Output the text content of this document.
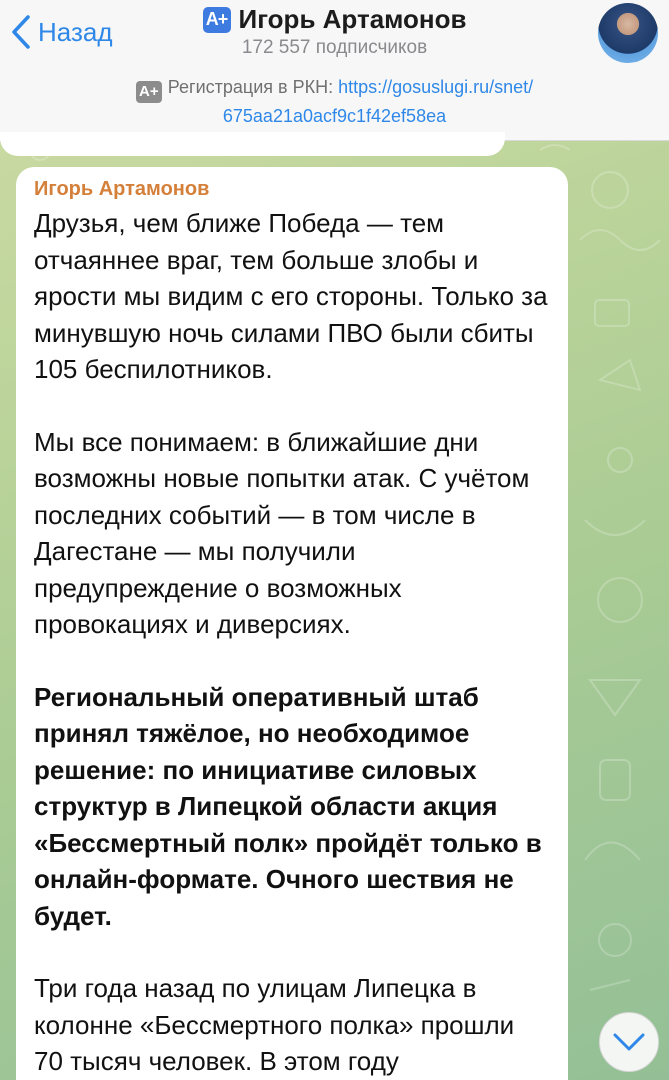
Назад	A+ Игорь Артамонов
172 557 подписчиков
A+ Регистрация в РКН: https://gosuslugi.ru/snet/
675aa21a0acf9c1f42ef58ea
Игорь Артамонов
Друзья, чем ближе Победа — тем отчаяннее враг, тем больше злобы и ярости мы видим с его стороны. Только за минувшую ночь силами ПВО были сбиты 105 беспилотников.
Мы все понимаем: в ближайшие дни возможны новые попытки атак. С учётом последних событий — в том числе в Дагестане — мы получили предупреждение о возможных провокациях и диверсиях.
Региональный оперативный штаб принял тяжёлое, но необходимое решение: по инициативе силовых структур в Липецкой области акция «Бессмертный полк» пройдёт только в онлайн-формате. Очного шествия не будет.
Три года назад по улицам Липецка в колонне «Бессмертного полка» прошли 70 тысяч человек. В этом году
